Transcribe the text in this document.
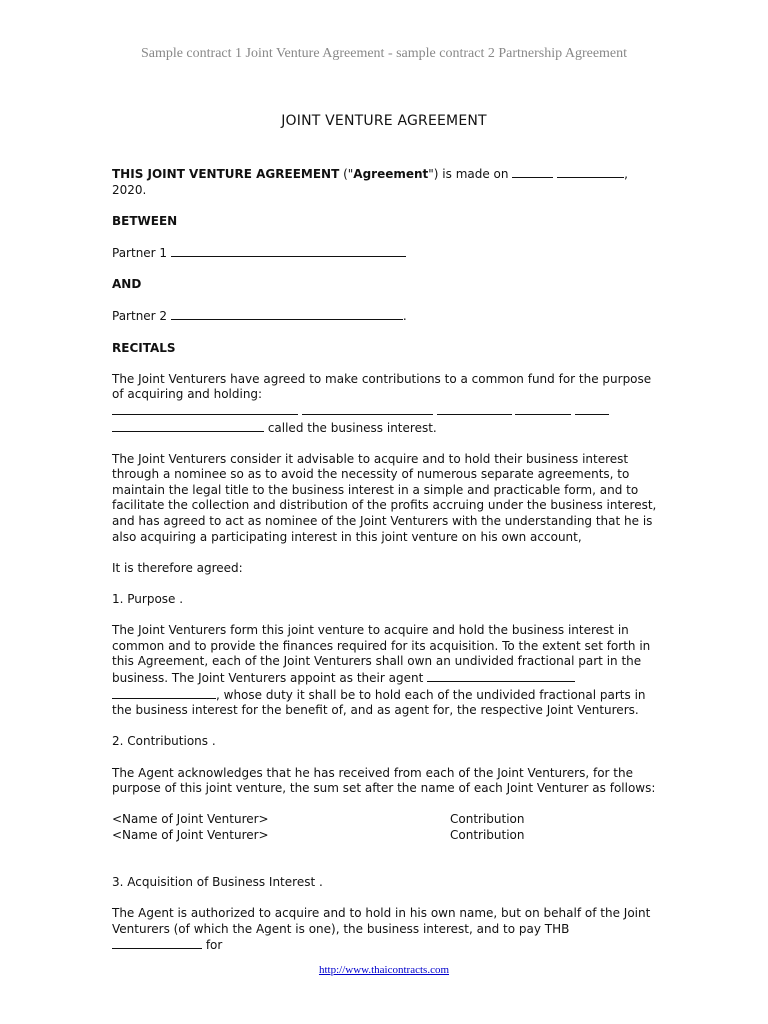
Sample contract 1 Joint Venture Agreement - sample contract 2 Partnership Agreement
JOINT VENTURE AGREEMENT

THIS JOINT VENTURE AGREEMENT ("Agreement") is made on	, 2020.

BETWEEN

Partner 1

AND

Partner 2	.

RECITALS

The Joint Venturers have agreed to make contributions to a common fund for the purpose of acquiring and holding:

called the business interest.

The Joint Venturers consider it advisable to acquire and to hold their business interest through a nominee so as to avoid the necessity of numerous separate agreements, to maintain the legal title to the business interest in a simple and practicable form, and to facilitate the collection and distribution of the profits accruing under the business interest, and has agreed to act as nominee of the Joint Venturers with the understanding that he is also acquiring a participating interest in this joint venture on his own account,

It is therefore agreed:

1. Purpose .

The Joint Venturers form this joint venture to acquire and hold the business interest in common and to provide the finances required for its acquisition. To the extent set forth in this Agreement, each of the Joint Venturers shall own an undivided fractional part in the business. The Joint Venturers appoint as their agent  , whose duty it shall be to hold each of the undivided fractional parts in the business interest for the benefit of, and as agent for, the respective Joint Venturers.

2. Contributions .

The Agent acknowledges that he has received from each of the Joint Venturers, for the purpose of this joint venture, the sum set after the name of each Joint Venturer as follows:

<Name of Joint Venturer>	Contribution
<Name of Joint Venturer>	Contribution

3. Acquisition of Business Interest .

The Agent is authorized to acquire and to hold in his own name, but on behalf of the Joint Venturers (of which the Agent is one), the business interest, and to pay THB for

http://www.thaicontracts.com
